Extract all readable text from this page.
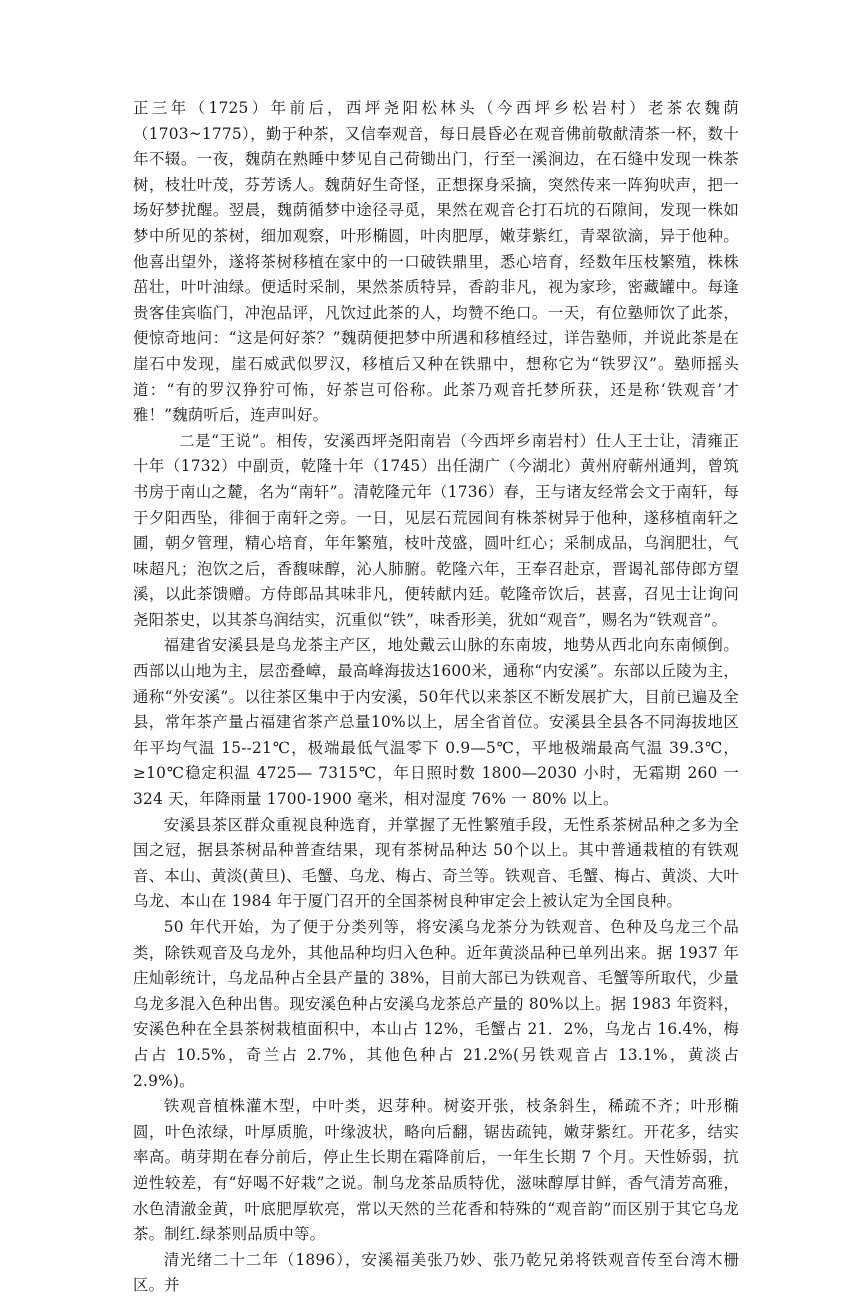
正三年（1725）年前后，西坪尧阳松林头（今西坪乡松岩村）老茶农魏荫（1703~1775），勤于种茶，又信奉观音，每日晨昏必在观音佛前敬献清茶一杯，数十年不辍。一夜，魏荫在熟睡中梦见自己荷锄出门，行至一溪涧边，在石缝中发现一株茶树，枝壮叶茂，芬芳诱人。魏荫好生奇怪，正想探身采摘，突然传来一阵狗吠声，把一场好梦扰醒。翌晨，魏荫循梦中途径寻觅，果然在观音仑打石坑的石隙间，发现一株如梦中所见的茶树，细加观察，叶形椭圆，叶肉肥厚，嫩芽紫红，青翠欲滴，异于他种。他喜出望外，遂将茶树移植在家中的一口破铁鼎里，悉心培育，经数年压枝繁殖，株株茁壮，叶叶油绿。便适时采制，果然茶质特异，香韵非凡，视为家珍，密藏罐中。每逢贵客佳宾临门，冲泡品评，凡饮过此茶的人，均赞不绝口。一天，有位塾师饮了此茶，便惊奇地问：“这是何好茶？”魏荫便把梦中所遇和移植经过，详告塾师，并说此茶是在崖石中发现，崖石威武似罗汉，移植后又种在铁鼎中，想称它为“铁罗汉”。塾师摇头道：“有的罗汉狰狞可怖，好茶岂可俗称。此茶乃观音托梦所获，还是称‘铁观音’才雅！”魏荫听后，连声叫好。

二是“王说”。相传，安溪西坪尧阳南岩（今西坪乡南岩村）仕人王士让，清雍正十年（1732）中副贡，乾隆十年（1745）出任湖广（今湖北）黄州府蕲州通判，曾筑书房于南山之麓，名为“南轩”。清乾隆元年（1736）春，王与诸友经常会文于南轩，每于夕阳西坠，徘徊于南轩之旁。一日，见层石荒园间有株茶树异于他种，遂移植南轩之圃，朝夕管理，精心培育，年年繁殖，枝叶茂盛，圆叶红心；采制成品，乌润肥壮，气味超凡；泡饮之后，香馥味醇，沁人肺腑。乾隆六年，王奉召赴京，晋谒礼部侍郎方望溪，以此茶馈赠。方侍郎品其味非凡，便转献内廷。乾隆帝饮后，甚喜，召见士让询问尧阳茶史，以其茶乌润结实，沉重似“铁”，味香形美，犹如“观音”，赐名为“铁观音”。

福建省安溪县是乌龙茶主产区，地处戴云山脉的东南坡，地势从西北向东南倾倒。西部以山地为主，层峦叠嶂，最高峰海拔达1600米，通称“内安溪”。东部以丘陵为主，通称“外安溪”。以往茶区集中于内安溪，50年代以来茶区不断发展扩大，目前已遍及全县，常年茶产量占福建省茶产总量10%以上，居全省首位。安溪县全县各不同海拔地区年平均气温 15--21℃，极端最低气温零下 0.9—5℃，平地极端最高气温 39.3℃，≥10℃稳定积温 4725— 7315℃，年日照时数 1800—2030 小时，无霜期 260 一 324 天，年降雨量 1700-1900 毫米，相对湿度 76% 一 80% 以上。

安溪县茶区群众重视良种选育，并掌握了无性繁殖手段，无性系茶树品种之多为全国之冠，据县茶树品种普查结果，现有茶树品种达 50个以上。其中普通栽植的有铁观音、本山、黄淡(黄旦)、毛蟹、乌龙、梅占、奇兰等。铁观音、毛蟹、梅占、黄淡、大叶乌龙、本山在 1984 年于厦门召开的全国茶树良种审定会上被认定为全国良种。

50 年代开始，为了便于分类列等，将安溪乌龙茶分为铁观音、色种及乌龙三个品类，除铁观音及乌龙外，其他品种均归入色种。近年黄淡品种已单列出来。据 1937 年庄灿彰统计，乌龙品种占全县产量的 38%，目前大部已为铁观音、毛蟹等所取代，少量乌龙多混入色种出售。现安溪色种占安溪乌龙茶总产量的 80%以上。据 1983 年资料，安溪色种在全县茶树栽植面积中，本山占 12%，毛蟹占 21．2%，乌龙占 16.4%，梅占占 10.5%，奇兰占 2.7%，其他色种占 21.2%(另铁观音占 13.1%，黄淡占 2.9%)。

铁观音植株灌木型，中叶类，迟芽种。树姿开张，枝条斜生，稀疏不齐；叶形椭圆，叶色浓绿，叶厚质脆，叶缘波状，略向后翻，锯齿疏钝，嫩芽紫红。开花多，结实率高。萌芽期在春分前后，停止生长期在霜降前后，一年生长期 7 个月。天性娇弱，抗逆性较差，有“好喝不好栽”之说。制乌龙茶品质特优，滋味醇厚甘鲜，香气清芳高雅，水色清澈金黄，叶底肥厚软亮，常以天然的兰花香和特殊的“观音韵”而区别于其它乌龙茶。制红.绿茶则品质中等。

清光绪二十二年（1896），安溪福美张乃妙、张乃乾兄弟将铁观音传至台湾木栅区。并
